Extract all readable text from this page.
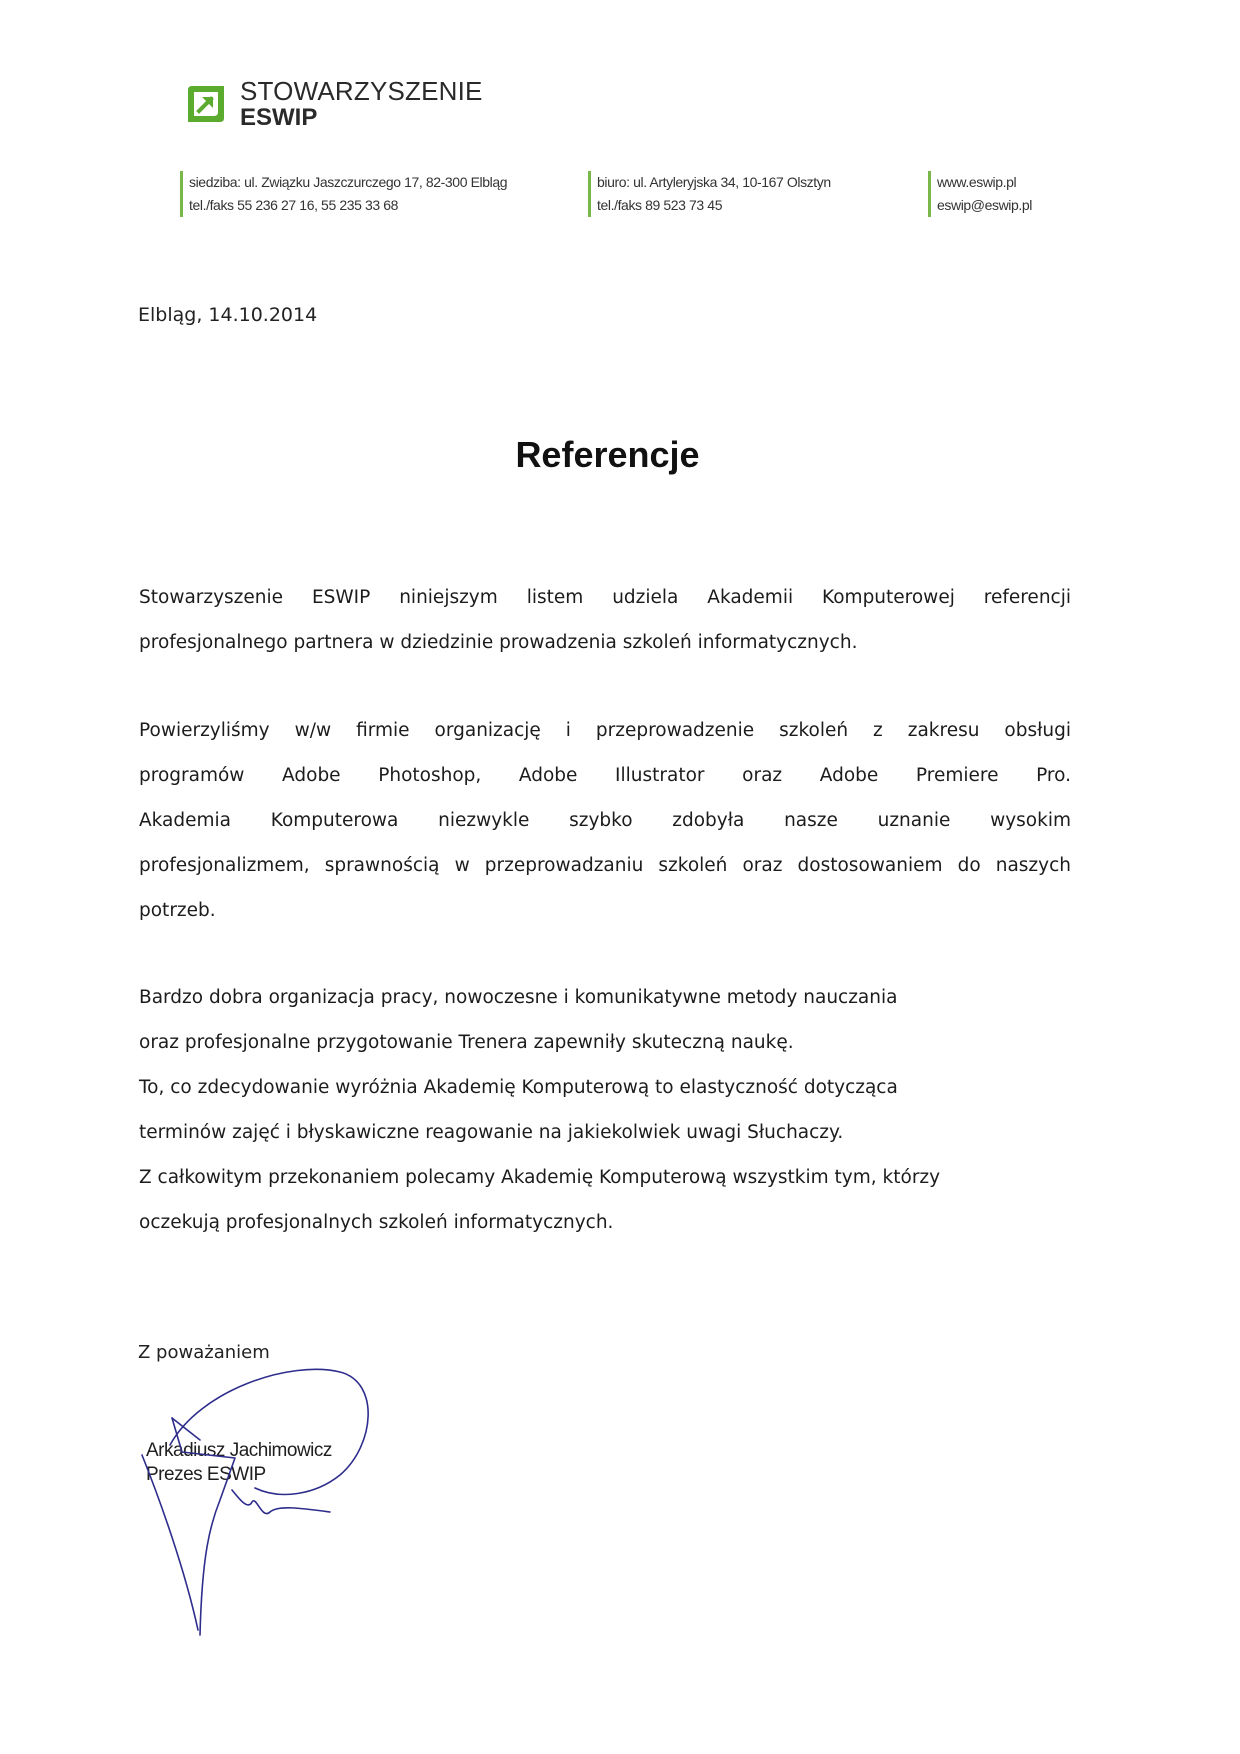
STOWARZYSZENIE
ESWIP
siedziba: ul. Związku Jaszczurczego 17, 82-300 Elbląg
tel./faks 55 236 27 16, 55 235 33 68
biuro: ul. Artyleryjska 34, 10-167 Olsztyn
tel./faks 89 523 73 45
www.eswip.pl
eswip@eswip.pl
Elbląg, 14.10.2014
Referencje

Stowarzyszenie ESWIP niniejszym listem udziela Akademii Komputerowej referencji
profesjonalnego partnera w dziedzinie prowadzenia szkoleń informatycznych.

Powierzyliśmy w/w firmie organizację i przeprowadzenie szkoleń z zakresu obsługi
programów Adobe Photoshop, Adobe Illustrator oraz Adobe Premiere Pro.
Akademia Komputerowa niezwykle szybko zdobyła nasze uznanie wysokim
profesjonalizmem, sprawnością w przeprowadzaniu szkoleń oraz dostosowaniem do naszych
potrzeb.

Bardzo dobra organizacja pracy, nowoczesne i komunikatywne metody nauczania
oraz profesjonalne przygotowanie Trenera zapewniły skuteczną naukę.
To, co zdecydowanie wyróżnia Akademię Komputerową to elastyczność dotycząca
terminów zajęć i błyskawiczne reagowanie na jakiekolwiek uwagi Słuchaczy.
Z całkowitym przekonaniem polecamy Akademię Komputerową wszystkim tym, którzy
oczekują profesjonalnych szkoleń informatycznych.

Z poważaniem
Arkadiusz Jachimowicz
Prezes ESWIP
